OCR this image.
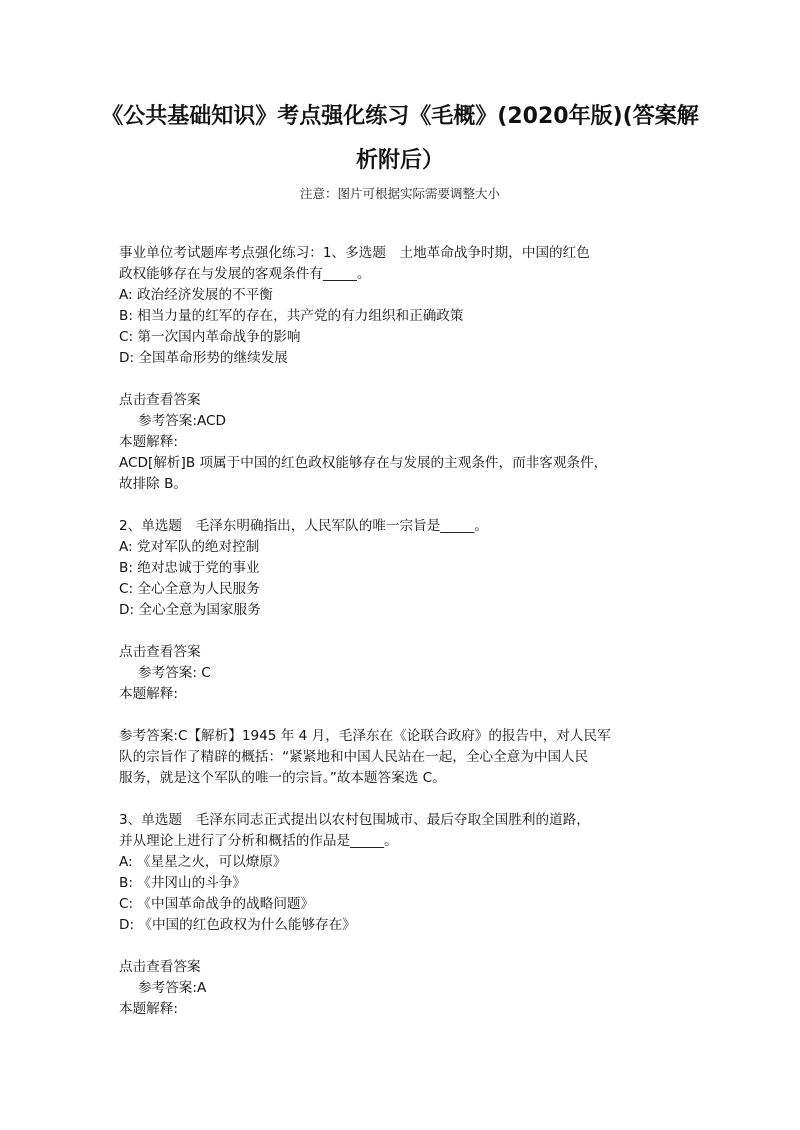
《公共基础知识》考点强化练习《毛概》(2020年版)(答案解
析附后）
注意：图片可根据实际需要调整大小

事业单位考试题库考点强化练习：1、多选题　土地革命战争时期，中国的红色

政权能够存在与发展的客观条件有_____。

A: 政治经济发展的不平衡

B: 相当力量的红军的存在，共产党的有力组织和正确政策

C: 第一次国内革命战争的影响

D: 全国革命形势的继续发展

点击查看答案

参考答案:ACD

本题解释:

ACD[解析]B 项属于中国的红色政权能够存在与发展的主观条件，而非客观条件，

故排除 B。

2、单选题　毛泽东明确指出，人民军队的唯一宗旨是_____。

A: 党对军队的绝对控制

B: 绝对忠诚于党的事业

C: 全心全意为人民服务

D: 全心全意为国家服务

点击查看答案

参考答案: C

本题解释:

参考答案:C【解析】1945 年 4 月，毛泽东在《论联合政府》的报告中，对人民军

队的宗旨作了精辟的概括：“紧紧地和中国人民站在一起，全心全意为中国人民

服务，就是这个军队的唯一的宗旨。”故本题答案选 C。

3、单选题　毛泽东同志正式提出以农村包围城市、最后夺取全国胜利的道路，

并从理论上进行了分析和概括的作品是_____。

A: 《星星之火，可以燎原》

B: 《井冈山的斗争》

C: 《中国革命战争的战略问题》

D: 《中国的红色政权为什么能够存在》

点击查看答案

参考答案:A

本题解释:
